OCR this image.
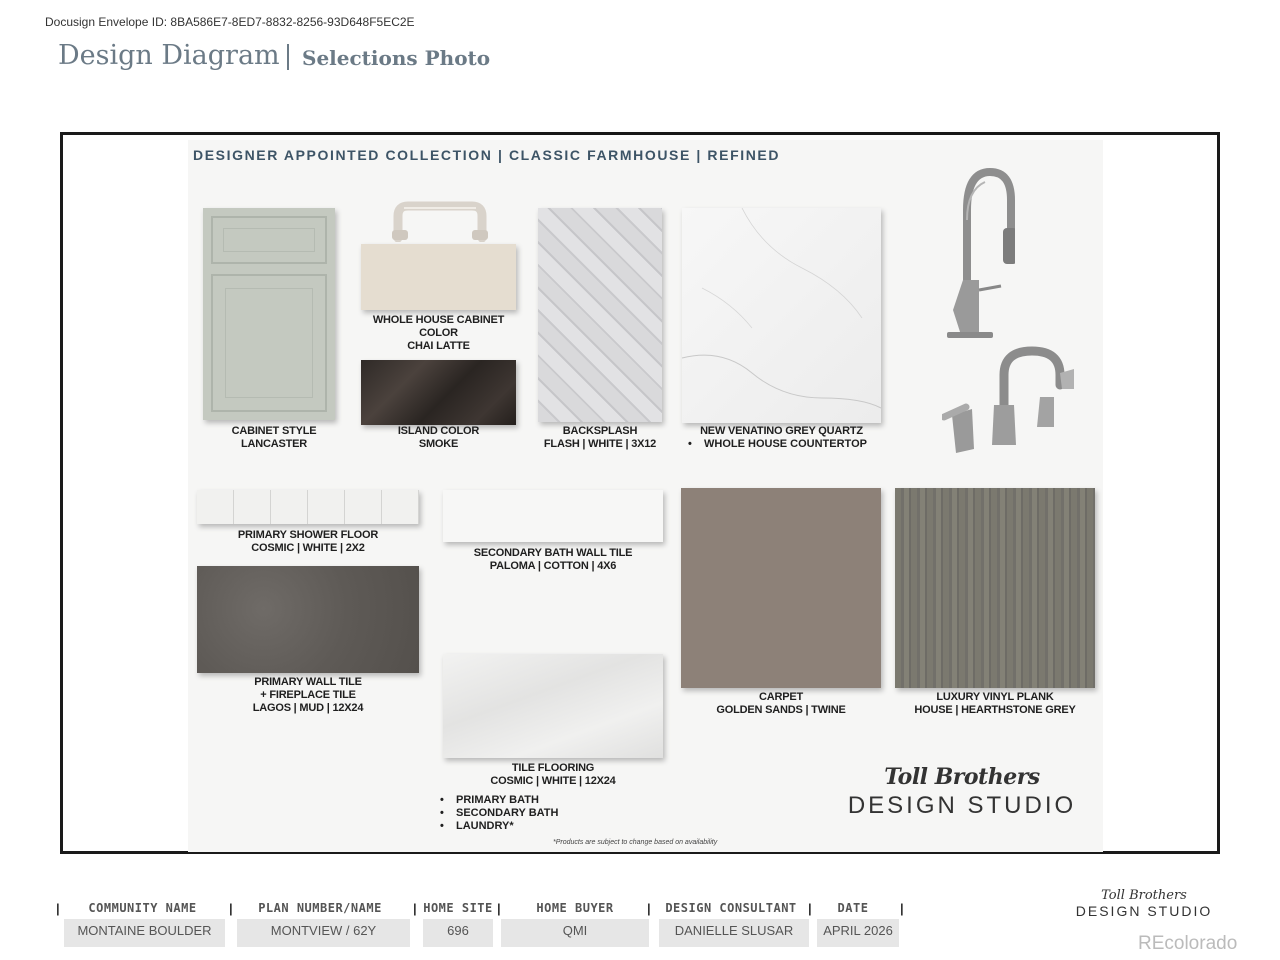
Docusign Envelope ID: 8BA586E7-8ED7-8832-8256-93D648F5EC2E
Design Diagram Selections Photo
DESIGNER APPOINTED COLLECTION | CLASSIC FARMHOUSE | REFINED
CABINET STYLE
LANCASTER
WHOLE HOUSE CABINET
COLOR
CHAI LATTE
ISLAND COLOR
SMOKE
BACKSPLASH
FLASH | WHITE | 3X12
NEW VENATINO GREY QUARTZ
• WHOLE HOUSE COUNTERTOP
PRIMARY SHOWER FLOOR
COSMIC | WHITE | 2X2
PRIMARY WALL TILE
+ FIREPLACE TILE
LAGOS | MUD | 12X24
SECONDARY BATH WALL TILE
PALOMA | COTTON | 4X6
TILE FLOORING
COSMIC | WHITE | 12X24
• PRIMARY BATH
• SECONDARY BATH
• LAUNDRY*
CARPET
GOLDEN SANDS | TWINE
LUXURY VINYL PLANK
HOUSE | HEARTHSTONE GREY
Toll Brothers
DESIGN STUDIO
*Products are subject to change based on availability
|	COMMUNITY NAME	|	PLAN NUMBER/NAME	| HOME SITE |	HOME BUYER	|	DESIGN CONSULTANT |	DATE	|
MONTAINE BOULDER	MONTVIEW / 62Y	696	QMI	DANIELLE SLUSAR	APRIL 2026
Toll Brothers
DESIGN STUDIO
REcolorado
